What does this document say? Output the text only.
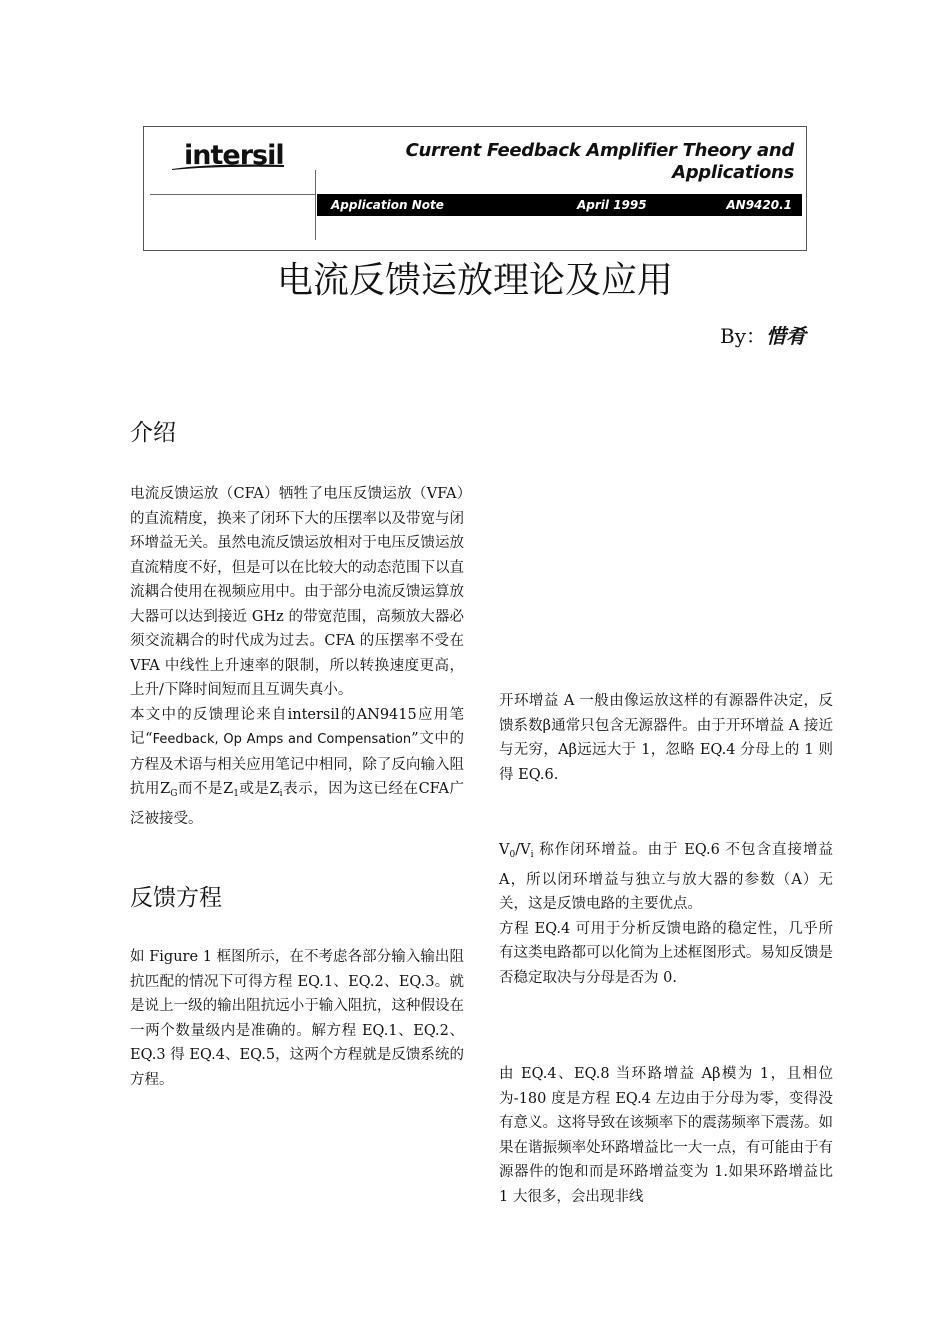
intersil	Current Feedback Amplifier Theory and
Applications
Application Note	April 1995	AN9420.1
电流反馈运放理论及应用
By：惜肴
介绍

电流反馈运放（CFA）牺牲了电压反馈运放（VFA）的直流精度，换来了闭环下大的压摆率以及带宽与闭环增益无关。虽然电流反馈运放相对于电压反馈运放直流精度不好，但是可以在比较大的动态范围下以直流耦合使用在视频应用中。由于部分电流反馈运算放大器可以达到接近 GHz 的带宽范围，高频放大器必须交流耦合的时代成为过去。CFA 的压摆率不受在 VFA 中线性上升速率的限制，所以转换速度更高，上升/下降时间短而且互调失真小。

本文中的反馈理论来自intersil的AN9415应用笔记“Feedback, Op Amps and Compensation”文中的方程及术语与相关应用笔记中相同，除了反向输入阻抗用$Z_G$而不是$Z_1$或是$Z_i$表示，因为这已经在CFA广泛被接受。

反馈方程

如 Figure 1 框图所示，在不考虑各部分输入输出阻抗匹配的情况下可得方程 EQ.1、EQ.2、EQ.3。就是说上一级的输出阻抗远小于输入阻抗，这种假设在一两个数量级内是准确的。解方程 EQ.1、EQ.2、EQ.3 得 EQ.4、EQ.5，这两个方程就是反馈系统的方程。

开环增益 A 一般由像运放这样的有源器件决定，反馈系数β通常只包含无源器件。由于开环增益 A 接近与无穷，Aβ远远大于 1，忽略 EQ.4 分母上的 1 则得 EQ.6.

$V_0/V_i$ 称作闭环增益。由于 EQ.6 不包含直接增益 A，所以闭环增益与独立与放大器的参数（A）无关，这是反馈电路的主要优点。

方程 EQ.4 可用于分析反馈电路的稳定性，几乎所有这类电路都可以化简为上述框图形式。易知反馈是否稳定取决与分母是否为 0.

由 EQ.4、EQ.8 当环路增益 Aβ模为 1，且相位为-180 度是方程 EQ.4 左边由于分母为零，变得没有意义。这将导致在该频率下的震荡频率下震荡。如果在谐振频率处环路增益比一大一点，有可能由于有源器件的饱和而是环路增益变为 1.如果环路增益比 1 大很多，会出现非线
